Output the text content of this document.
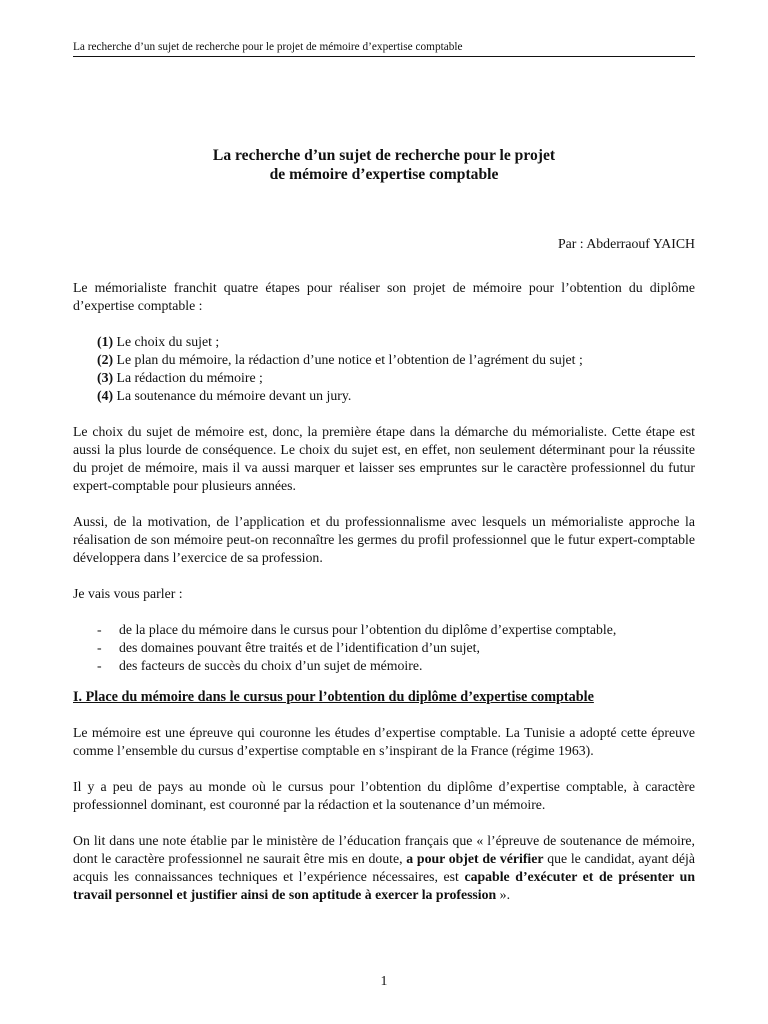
La recherche d’un sujet de recherche pour le projet de mémoire d’expertise comptable
La recherche d’un sujet de recherche pour le projet
de mémoire d’expertise comptable

Par : Abderraouf YAICH

Le mémorialiste franchit quatre étapes pour réaliser son projet de mémoire pour l’obtention du diplôme d’expertise comptable :

(1) Le choix du sujet ;
(2) Le plan du mémoire, la rédaction d’une notice et l’obtention de l’agrément du sujet ;
(3) La rédaction du mémoire ;
(4) La soutenance du mémoire devant un jury.

Le choix du sujet de mémoire est, donc, la première étape dans la démarche du mémorialiste. Cette étape est aussi la plus lourde de conséquence. Le choix du sujet est, en effet, non seulement déterminant pour la réussite du projet de mémoire, mais il va aussi marquer et laisser ses empruntes sur le caractère professionnel du futur expert-comptable pour plusieurs années.

Aussi, de la motivation, de l’application et du professionnalisme avec lesquels un mémorialiste approche la réalisation de son mémoire peut-on reconnaître les germes du profil professionnel que le futur expert-comptable développera dans l’exercice de sa profession.

Je vais vous parler :

- de la place du mémoire dans le cursus pour l’obtention du diplôme d’expertise comptable,
- des domaines pouvant être traités et de l’identification d’un sujet,
- des facteurs de succès du choix d’un sujet de mémoire.
I. Place du mémoire dans le cursus pour l’obtention du diplôme d’expertise comptable

Le mémoire est une épreuve qui couronne les études d’expertise comptable. La Tunisie a adopté cette épreuve comme l’ensemble du cursus d’expertise comptable en s’inspirant de la France (régime 1963).

Il y a peu de pays au monde où le cursus pour l’obtention du diplôme d’expertise comptable, à caractère professionnel dominant, est couronné par la rédaction et la soutenance d’un mémoire.

On lit dans une note établie par le ministère de l’éducation français que « l’épreuve de soutenance de mémoire, dont le caractère professionnel ne saurait être mis en doute, a pour objet de vérifier que le candidat, ayant déjà acquis les connaissances techniques et l’expérience nécessaires, est capable d’exécuter et de présenter un travail personnel et justifier ainsi de son aptitude à exercer la profession ».

1
